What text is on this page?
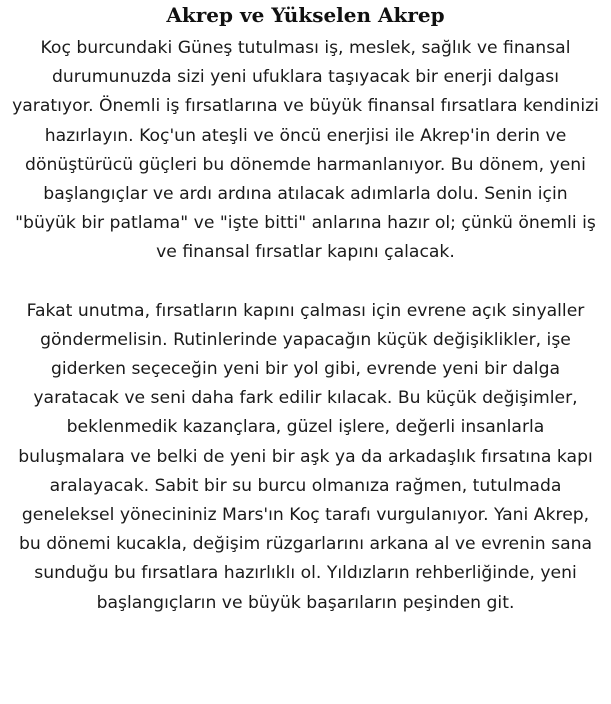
Akrep ve Yükselen Akrep

Koç burcundaki Güneş tutulması iş, meslek, sağlık ve finansal durumunuzda sizi yeni ufuklara taşıyacak bir enerji dalgası yaratıyor. Önemli iş fırsatlarına ve büyük finansal fırsatlara kendinizi hazırlayın. Koç'un ateşli ve öncü enerjisi ile Akrep'in derin ve dönüştürücü güçleri bu dönemde harmanlanıyor. Bu dönem, yeni başlangıçlar ve ardı ardına atılacak adımlarla dolu. Senin için "büyük bir patlama" ve "işte bitti" anlarına hazır ol; çünkü önemli iş ve finansal fırsatlar kapını çalacak.

Fakat unutma, fırsatların kapını çalması için evrene açık sinyaller göndermelisin. Rutinlerinde yapacağın küçük değişiklikler, işe giderken seçeceğin yeni bir yol gibi, evrende yeni bir dalga yaratacak ve seni daha fark edilir kılacak. Bu küçük değişimler, beklenmedik kazançlara, güzel işlere, değerli insanlarla buluşmalara ve belki de yeni bir aşk ya da arkadaşlık fırsatına kapı aralayacak. Sabit bir su burcu olmanıza rağmen, tutulmada geneleksel yönecininiz Mars'ın Koç tarafı vurgulanıyor. Yani Akrep, bu dönemi kucakla, değişim rüzgarlarını arkana al ve evrenin sana sunduğu bu fırsatlara hazırlıklı ol. Yıldızların rehberliğinde, yeni başlangıçların ve büyük başarıların peşinden git.
